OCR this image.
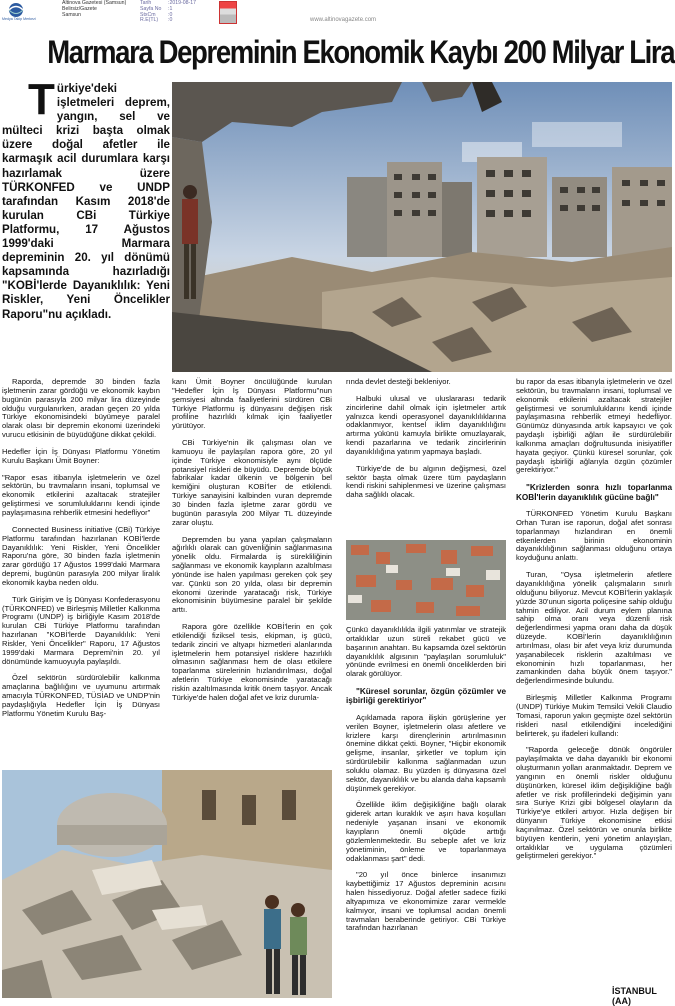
Medya Takip Merkezi
Altinova Gazetesi (Samsun)
Belirsiz/Gazete
Samsun
Tarih	:2019-08-17
Sayfa No :1
StxCm :0
R.E(TL) :0	www.altinovagazete.com
Marmara Depreminin Ekonomik Kaybı 200 Milyar Lira
Türkiye'deki işletmeleri deprem, yangın, sel ve mülteci krizi başta olmak üzere doğal afetler ile karmaşık acil durumlara karşı hazırlamak üzere TÜRKONFED ve UNDP tarafından Kasım 2018'de kurulan CBi Türkiye Platformu, 17 Ağustos 1999'daki Marmara depreminin 20. yıl dönümü kapsamında hazırladığı "KOBİ'lerde Dayanıklılık: Yeni Riskler, Yeni Öncelikler Raporu"nu açıkladı.

Raporda, depremde 30 binden fazla işletmenin zarar gördüğü ve ekonomik kaybın bugünün parasıyla 200 milyar lira düzeyinde olduğu vurgulanırken, aradan geçen 20 yılda Türkiye ekonomisindeki büyümeye paralel olarak olası bir depremin ekonomi üzerindeki vurucu etkisinin de büyüdüğüne dikkat çekildi.

Hedefler İçin İş Dünyası Platformu Yönetim Kurulu Başkanı Ümit Boyner:

"Rapor esas itibarıyla işletmelerin ve özel sektörün, bu travmaların insani, toplumsal ve ekonomik etkilerini azaltacak stratejiler geliştirmesi ve sorumluluklarını kendi içinde paylaşımasına rehberlik etmesini hedefliyor"

Connected Business initiative (CBi) Türkiye Platformu tarafından hazırlanan KOBİ'lerde Dayanıklılık: Yeni Riskler, Yeni Öncelikler Raporu'na göre, 30 binden fazla işletmenin zarar gördüğü 17 Ağustos 1999'daki Marmara depremi, bugünün parasıyla 200 milyar liralık ekonomik kayba neden oldu.

Türk Girişim ve İş Dünyası Konfederasyonu (TÜRKONFED) ve Birleşmiş Milletler Kalkınma Programı (UNDP) iş birliğiyle Kasım 2018'de kurulan CBi Türkiye Platformu tarafından hazırlanan "KOBİ'lerde Dayanıklılık: Yeni Riskler, Yeni Öncelikler" Raporu, 17 Ağustos 1999'daki Marmara Depremi'nin 20. yıl dönümünde kamuoyuyla paylaşıldı.

Özel sektörün sürdürülebilir kalkınma amaçlarına bağlılığını ve uyumunu artırmak amacıyla TÜRKONFED, TÜSİAD ve UNDP'nin paydaşlığıyla Hedefler İçin İş Dünyası Platformu Yönetim Kurulu Baş-

kanı Ümit Boyner öncülüğünde kurulan "Hedefler İçin İş Dünyası Platformu"nun şemsiyesi altında faaliyetlerini sürdüren CBi Türkiye Platformu iş dünyasını değişen risk profiline hazırlıklı kılmak için faaliyetler yürütüyor.

CBi Türkiye'nin ilk çalışması olan ve kamuoyu ile paylaşılan rapora göre, 20 yıl içinde Türkiye ekonomisiyle aynı ölçüde potansiyel riskleri de büyüdü. Depremde büyük fabrikalar kadar ülkenin ve bölgenin bel kemiğini oluşturan KOBİ'ler de etkilendi. Türkiye sanayisini kalbinden vuran depremde 30 binden fazla işletme zarar gördü ve bugünün parasıyla 200 Milyar TL düzeyinde zarar oluştu.

Depremden bu yana yapılan çalışmaların ağırlıklı olarak can güvenliğinin sağlanmasına yönelik oldu. Firmalarda iş sürekliliğinin sağlanması ve ekonomik kayıpların azaltılması yönünde ise halen yapılması gereken çok şey var. Çünkü son 20 yılda, olası bir depremin ekonomi üzerinde yaratacağı risk, Türkiye ekonomisinin büyümesine paralel bir şekilde arttı.

Rapora göre özellikle KOBİ'lerin en çok etkilendiği fiziksel tesis, ekipman, iş gücü, tedarik zinciri ve altyapı hizmetleri alanlarında işletmelerin hem potansiyel risklere hazırlıklı olmasının sağlanması hem de olası etkilere toparlanma sürelerinin hızlandırılması, doğal afetlerin Türkiye ekonomisinde yaratacağı riskin azaltılmasında kritik önem taşıyor. Ancak Türkiye'de halen doğal afet ve kriz durumla-

rında devlet desteği bekleniyor.

Halbuki ulusal ve uluslararası tedarik zincirlerine dahil olmak için işletmeler artık yalnızca kendi operasyonel dayanıklılıklarına odaklanmıyor, kentsel iklim dayanıklılığını artırma yükünü kamuyla birlikte omuzlayarak, kendi pazarlarına ve tedarik zincirlerinin dayanıklılığına yatırım yapmaya başladı.

Türkiye'de de bu algının değişmesi, özel sektör başta olmak üzere tüm paydaşların kendi riskini sahiplenmesi ve üzerine çalışması daha sağlıklı olacak.

Çünkü dayanıklılıkla ilgili yatırımlar ve stratejik ortaklıklar uzun süreli rekabet gücü ve başarının anahtarı. Bu kapsamda özel sektörün dayanıklılık algısının "paylaşılan sorumluluk" yönünde evrilmesi en önemli önceliklerden biri olarak görülüyor.

"Küresel sorunlar, özgün çözümler ve işbirliği gerektiriyor"

Açıklamada rapora ilişkin görüşlerine yer verilen Boyner, işletmelerin olası afetlere ve krizlere karşı dirençlerinin artırılmasının önemine dikkat çekti. Boyner, "Hiçbir ekonomik gelişme, insanlar, şirketler ve toplum için sürdürülebilir kalkınma sağlanmadan uzun soluklu olamaz. Bu yüzden iş dünyasına özel sektör, dayanıklılık ve bu alanda daha kapsamlı düşünmek gerekiyor.

Özellikle iklim değişikliğine bağlı olarak giderek artan kuraklık ve aşırı hava koşulları nedeniyle yaşanan insani ve ekonomik kayıpların önemli ölçüde arttığı gözlemlenmektedir. Bu sebeple afet ve kriz yönetiminin, önleme ve toparlanmaya odaklanması şart" dedi.

"20 yıl önce binlerce insanımızı kaybettiğimiz 17 Ağustos depreminin acısını halen hissediyoruz. Doğal afetler sadece fiziki altyapımıza ve ekonomimize zarar vermekle kalmıyor, insani ve toplumsal acıdan önemli travmaları beraberinde getiriyor. CBi Türkiye tarafından hazırlanan

bu rapor da esas itibarıyla işletmelerin ve özel sektörün, bu travmaların insani, toplumsal ve ekonomik etkilerini azaltacak stratejiler geliştirmesi ve sorumluluklarını kendi içinde paylaşımasına rehberlik etmeyi hedefliyor. Günümüz dünyasında artık kapsayıcı ve çok paydaşlı işbirliği ağları ile sürdürülebilir kalkınma amaçları doğrultusunda inisiyatifler hayata geçiyor. Çünkü küresel sorunlar, çok paydaşlı işbirliği ağlarıyla özgün çözümler gerektiriyor."

"Krizlerden sonra hızlı toparlanma KOBİ'lerin dayanıklılık gücüne bağlı"

TÜRKONFED Yönetim Kurulu Başkanı Orhan Turan ise raporun, doğal afet sonrası toparlanmayı hızlandıran en önemli etkenlerden birinin ekonominin dayanıklılığının sağlanması olduğunu ortaya koyduğunu anlattı.

Turan, "Oysa işletmelerin afetlere dayanıklılığına yönelik çalışmaların sınırlı olduğunu biliyoruz. Mevcut KOBİ'lerin yaklaşık yüzde 30'unun sigorta poliçesine sahip olduğu tahmin ediliyor. Acil durum eylem planına sahip olma oranı veya düzenli risk değerlendirmesi yapma oranı daha da düşük düzeyde. KOBİ'lerin dayanıklılığının artırılması, olası bir afet veya kriz durumunda yaşanabilecek risklerin azaltılması ve ekonominin hızlı toparlanması, her zamankinden daha büyük önem taşıyor." değerlendirmesinde bulundu.

Birleşmiş Milletler Kalkınma Programı (UNDP) Türkiye Mukim Temsilci Vekili Claudio Tomasi, raporun yakın geçmişte özel sektörün riskleri nasıl etkilendiğini incelediğini belirterek, şu ifadeleri kullandı:

"Raporda geleceğe dönük öngörüler paylaşılmakta ve daha dayanıklı bir ekonomi oluşturmanın yolları aranmaktadır. Deprem ve yangının en önemli riskler olduğunu düşünürken, küresel iklim değişikliğine bağlı afetler ve risk profillerindeki değişimin yanı sıra Suriye Krizi gibi bölgesel olayların da Türkiye'ye etkileri artıyor. Hızla değişen bir dünyanın Türkiye ekonomisine etkisi kaçınılmaz. Özel sektörün ve onunla birlikte büyüyen kentlerin, yeni yönetim anlayışları, ortaklıklar ve uygulama çözümleri geliştirmeleri gerekiyor."

İSTANBUL (AA)
